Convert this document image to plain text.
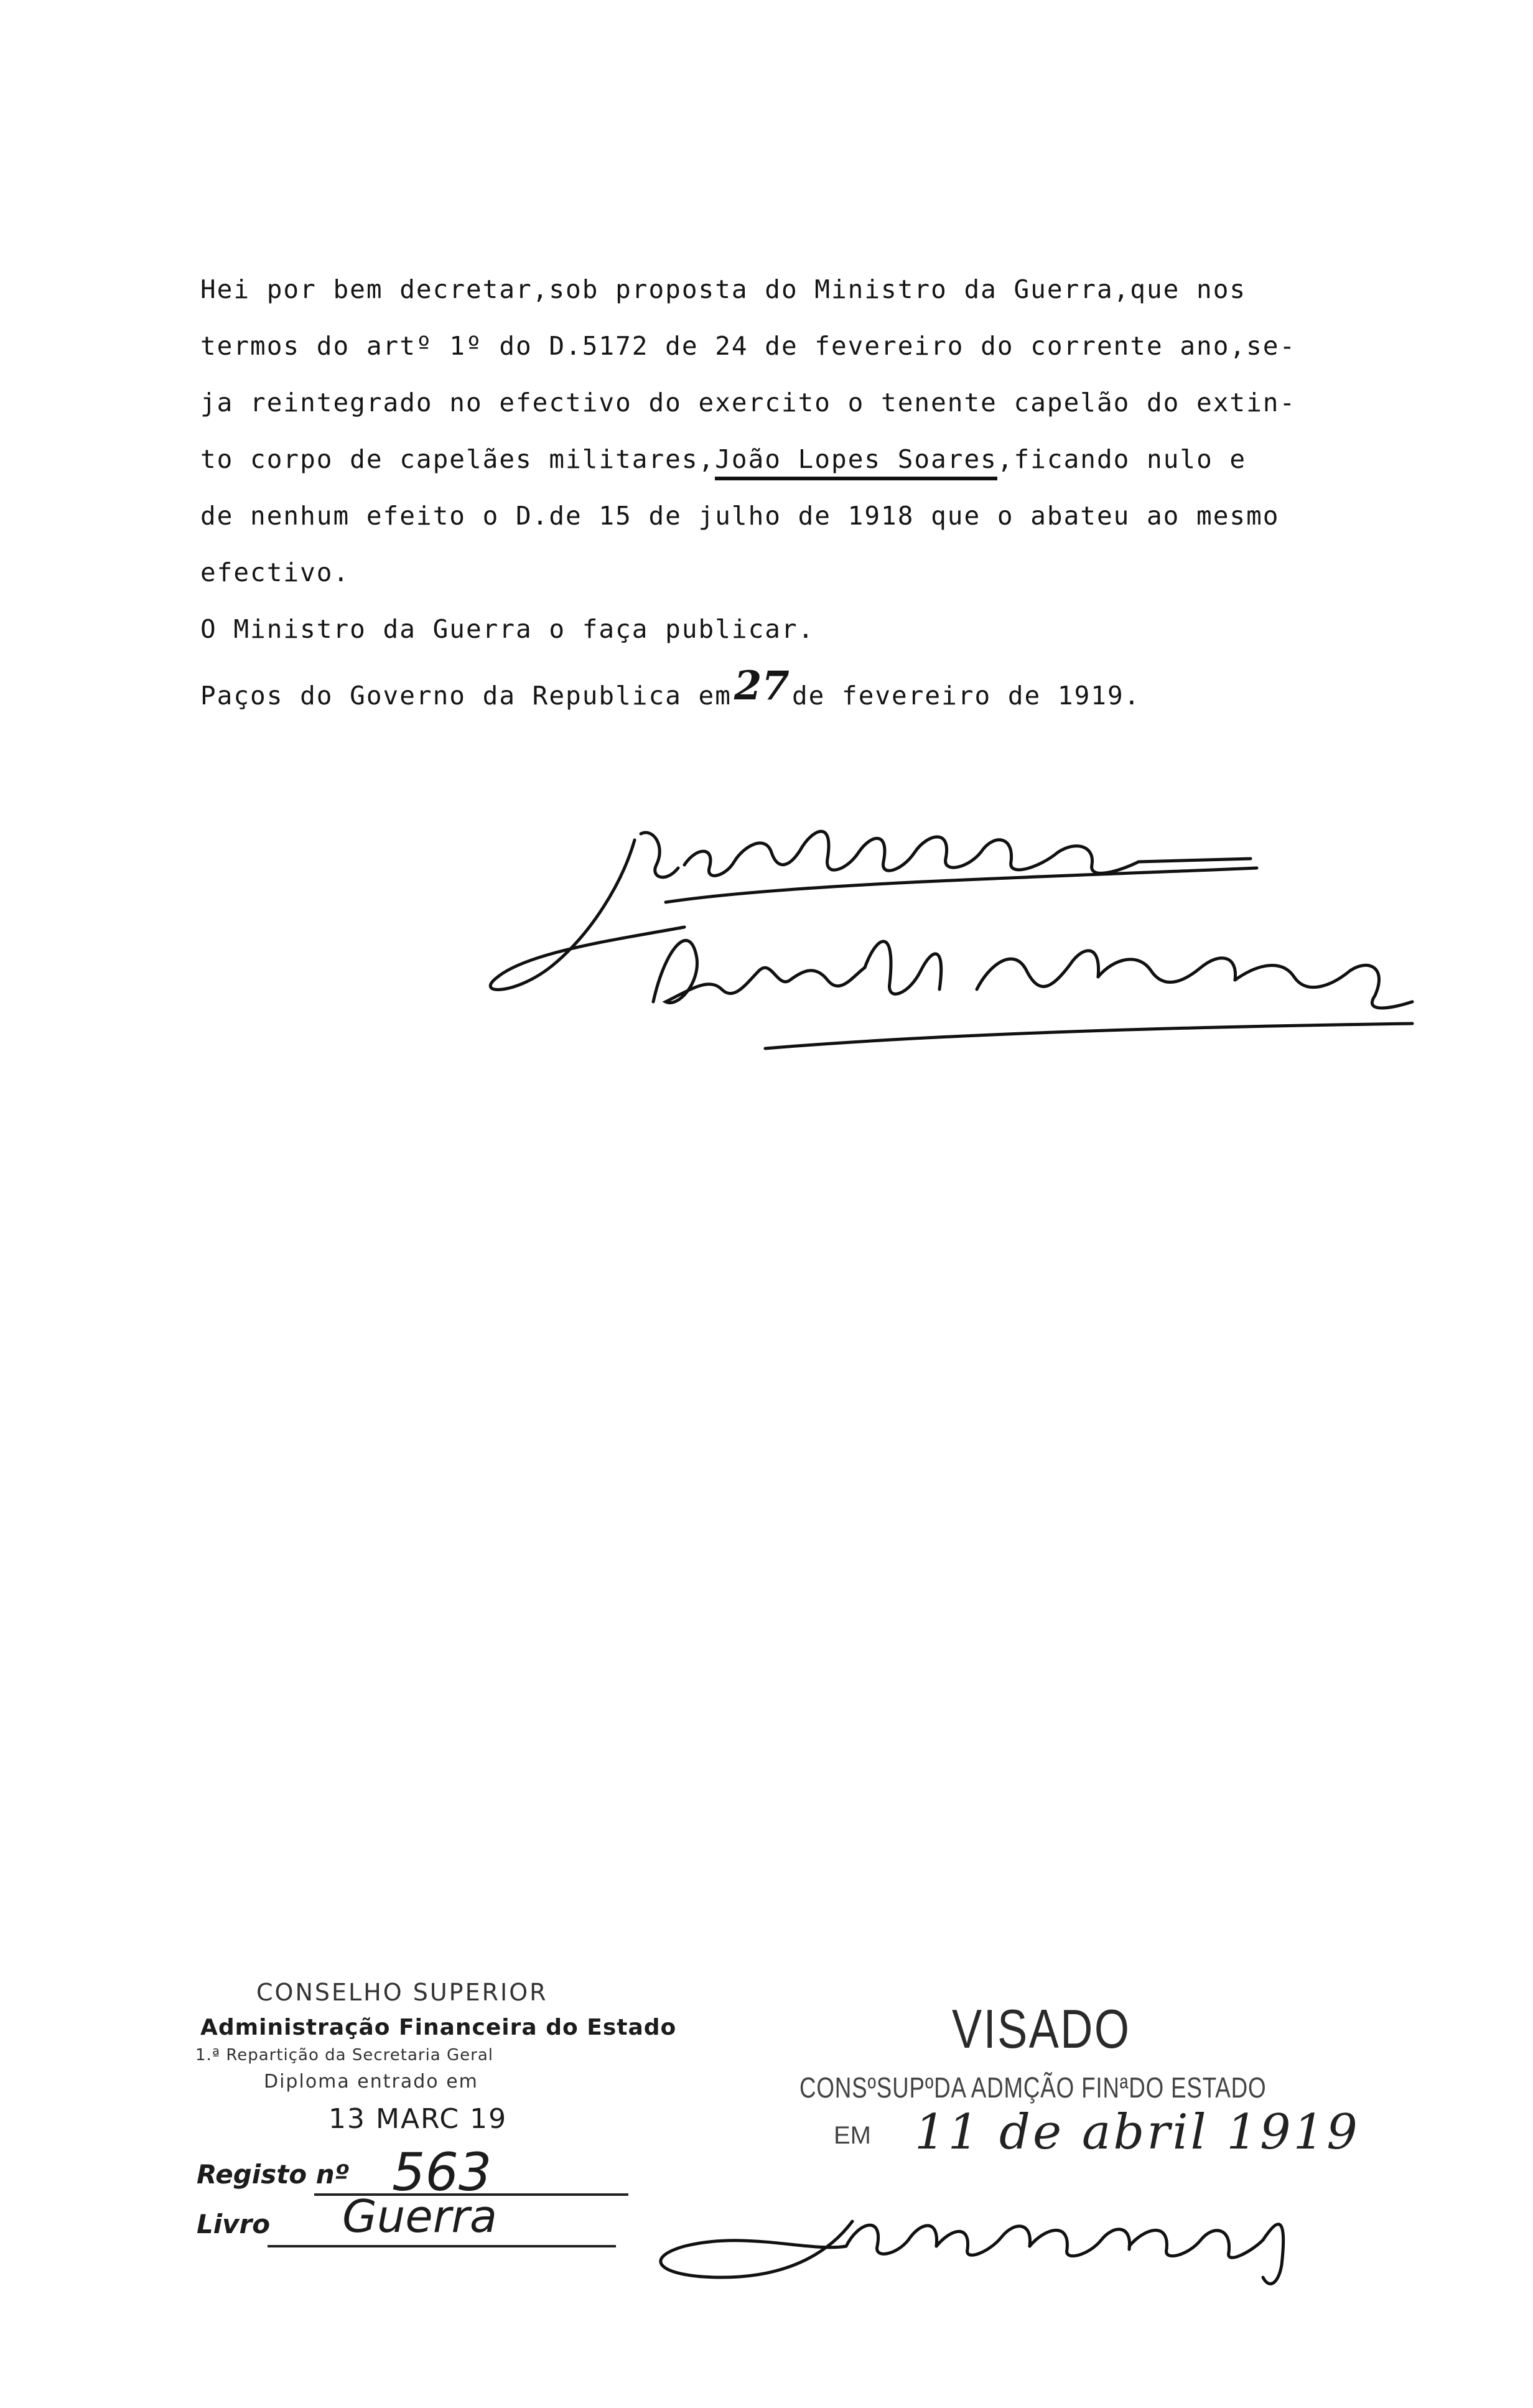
Hei por bem decretar,sob proposta do Ministro da Guerra,que nos
termos do artº 1º do D.5172 de 24 de fevereiro do corrente ano,se-
ja reintegrado no efectivo do exercito o tenente capelão do extin-
to corpo de capelães militares,João Lopes Soares,ficando nulo e
de nenhum efeito o D.de 15 de julho de 1918 que o abateu ao mesmo
efectivo.
O Ministro da Guerra o faça publicar.
Paços do Governo da Republica em27de fevereiro de 1919.
CONSELHO SUPERIOR
Administração Financeira do Estado
1.ª Repartição da Secretaria Geral
Diploma entrado em
13 MARC 19
Registo nº 563
Livro Guerra
VISADO
CONSºSUPºDA ADMÇÃO FINªDO ESTADO
EM 11 de abril 1919
